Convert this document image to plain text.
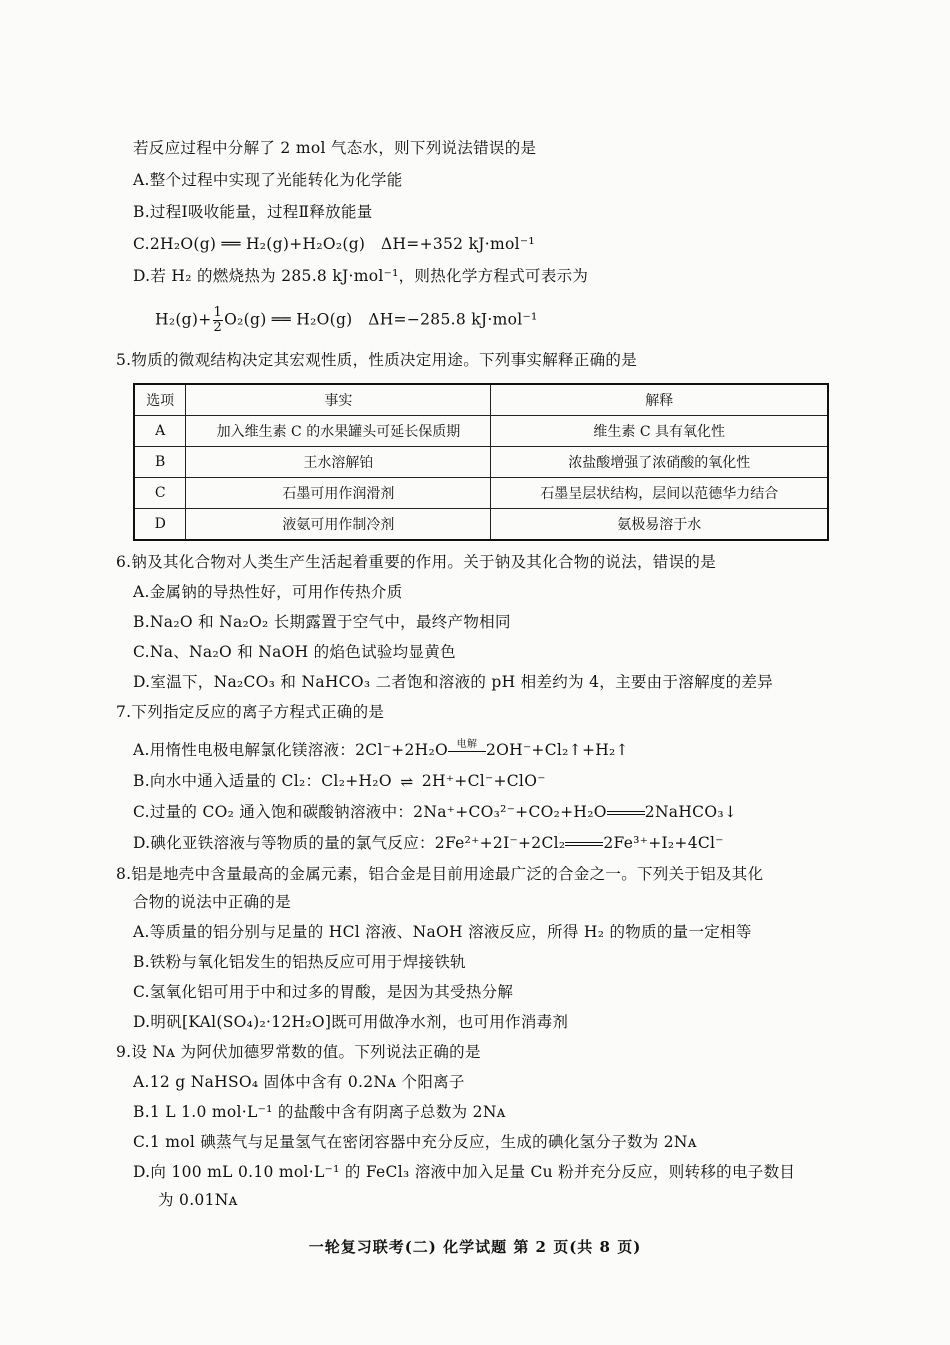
若反应过程中分解了 2 mol 气态水，则下列说法错误的是
A.整个过程中实现了光能转化为化学能
B.过程Ⅰ吸收能量，过程Ⅱ释放能量
C.2H₂O(g) ══ H₂(g)+H₂O₂(g) ΔH=+352 kJ·mol⁻¹
D.若 H₂ 的燃烧热为 285.8 kJ·mol⁻¹，则热化学方程式可表示为
$H_2(g)+ \frac{1}{2} O_2(g)$ ══ H₂O(g) ΔH=−285.8 kJ·mol⁻¹
5.物质的微观结构决定其宏观性质，性质决定用途。下列事实解释正确的是
选项	事实	解释
A	加入维生素 C 的水果罐头可延长保质期	维生素 C 具有氧化性
B	王水溶解铂	浓盐酸增强了浓硝酸的氧化性
C	石墨可用作润滑剂	石墨呈层状结构，层间以范德华力结合
D	液氨可用作制冷剂	氨极易溶于水
6.钠及其化合物对人类生产生活起着重要的作用。关于钠及其化合物的说法，错误的是
A.金属钠的导热性好，可用作传热介质
B.Na₂O 和 Na₂O₂ 长期露置于空气中，最终产物相同
C.Na、Na₂O 和 NaOH 的焰色试验均显黄色
D.室温下，Na₂CO₃ 和 NaHCO₃ 二者饱和溶液的 pH 相差约为 4，主要由于溶解度的差异
7.下列指定反应的离子方程式正确的是
A.用惰性电极电解氯化镁溶液：2Cl⁻+2H₂O 电解 2OH⁻+Cl₂↑+H₂↑
B.向水中通入适量的 Cl₂：Cl₂+H₂O ⇌ 2H⁺+Cl⁻+ClO⁻
C.过量的 CO₂ 通入饱和碳酸钠溶液中：2Na⁺+CO₃²⁻+CO₂+H₂O 2NaHCO₃↓
D.碘化亚铁溶液与等物质的量的氯气反应：2Fe²⁺+2I⁻+2Cl₂ 2Fe³⁺+I₂+4Cl⁻
8.铝是地壳中含量最高的金属元素，铝合金是目前用途最广泛的合金之一。下列关于铝及其化
合物的说法中正确的是
A.等质量的铝分别与足量的 HCl 溶液、NaOH 溶液反应，所得 H₂ 的物质的量一定相等
B.铁粉与氧化铝发生的铝热反应可用于焊接铁轨
C.氢氧化铝可用于中和过多的胃酸，是因为其受热分解
D.明矾[KAl(SO₄)₂·12H₂O]既可用做净水剂，也可用作消毒剂
9.设 Nᴀ 为阿伏加德罗常数的值。下列说法正确的是
A.12 g NaHSO₄ 固体中含有 0.2Nᴀ 个阳离子
B.1 L 1.0 mol·L⁻¹ 的盐酸中含有阴离子总数为 2Nᴀ
C.1 mol 碘蒸气与足量氢气在密闭容器中充分反应，生成的碘化氢分子数为 2Nᴀ
D.向 100 mL 0.10 mol·L⁻¹ 的 FeCl₃ 溶液中加入足量 Cu 粉并充分反应，则转移的电子数目
为 0.01Nᴀ
一轮复习联考(二) 化学试题 第 2 页(共 8 页)
